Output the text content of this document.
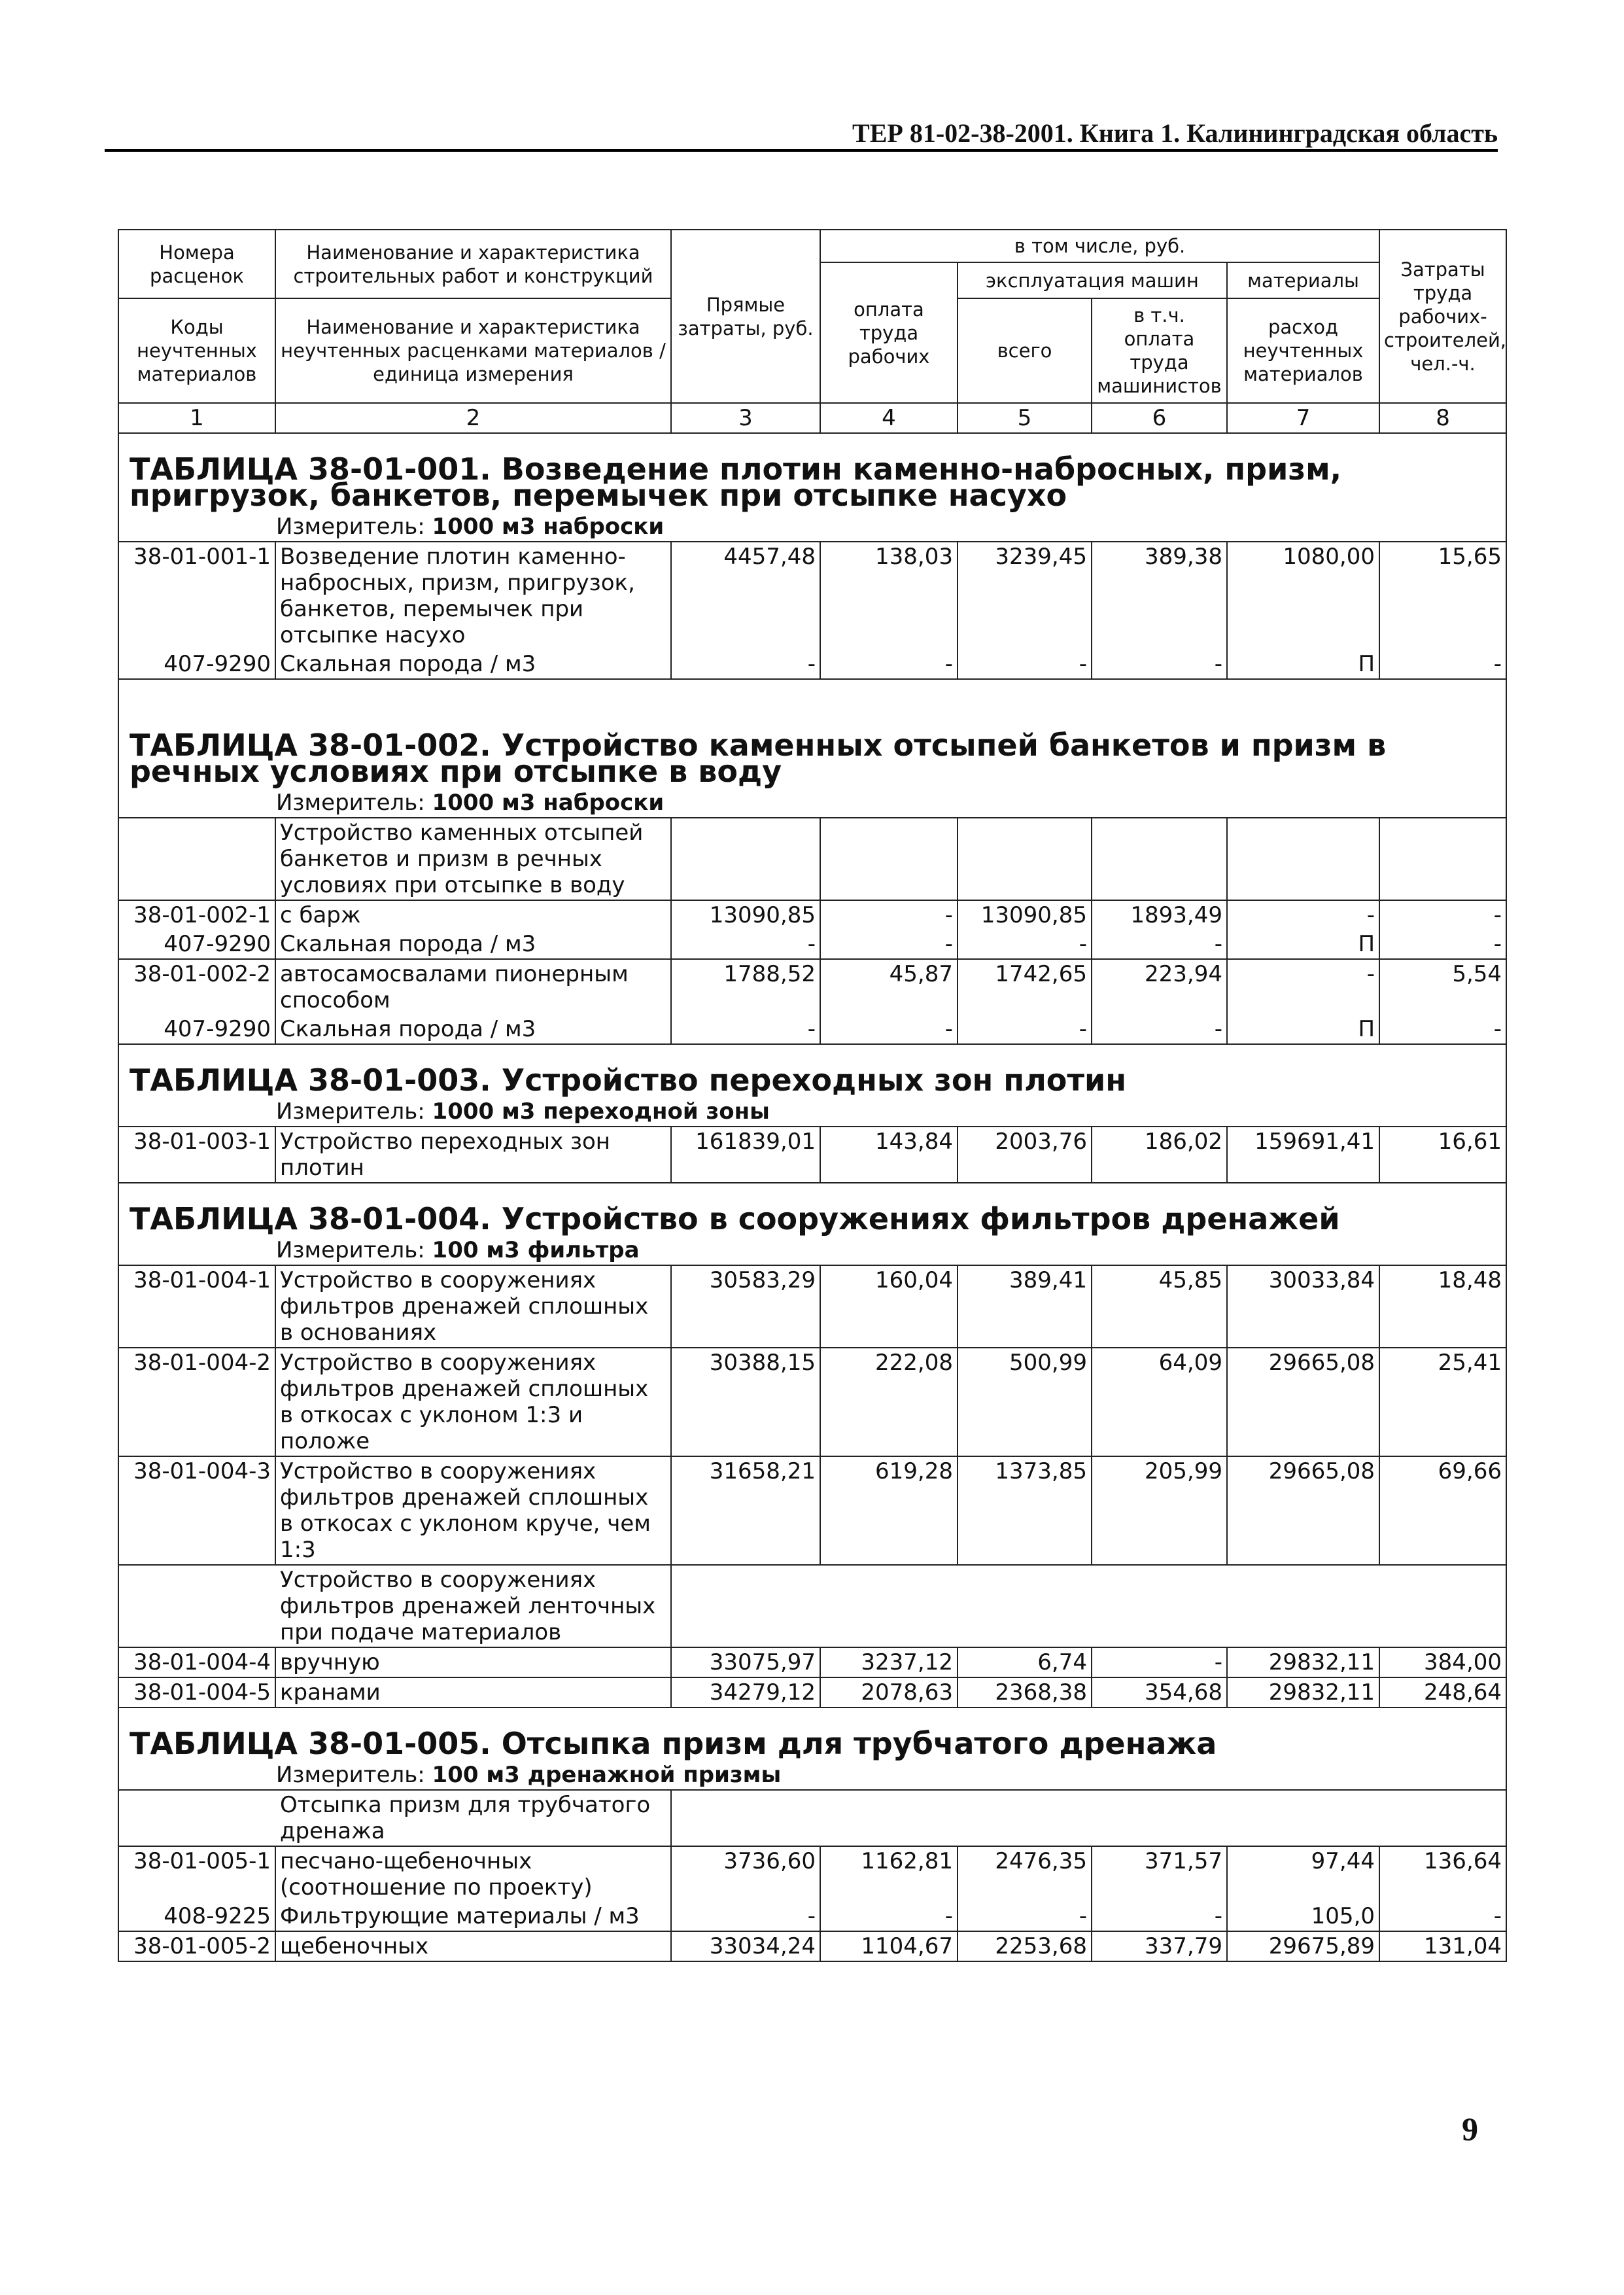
ТЕР 81-02-38-2001. Книга 1. Калининградская область
Номера расценок	Наименование и характеристика строительных работ и конструкций	Прямые затраты, руб.	в том числе, руб.				Затраты труда рабочих-строителей, чел.-ч.
			оплата труда рабочих	эксплуатация машин		материалы	
Коды неучтенных материалов	Наименование и характеристика неучтенных расценками материалов / единица измерения			всего	в т.ч. оплата труда машинистов	расход неучтенных материалов	

1	2	3	4	5	6	7	8
ТАБЛИЦА 38-01-001. Возведение плотин каменно-набросных, призм, пригрузок, банкетов, перемычек при отсыпке насухо							
Измеритель: 1000 м3 наброски							
38-01-001-1	Возведение плотин каменно-набросных, призм, пригрузок, банкетов, перемычек при отсыпке насухо	4457,48	138,03	3239,45	389,38	1080,00	15,65
407-9290	Скальная порода / м3	-	-	-	-	П	-
ТАБЛИЦА 38-01-002. Устройство каменных отсыпей банкетов и призм в речных условиях при отсыпке в воду							
Измеритель: 1000 м3 наброски							
	Устройство каменных отсыпей банкетов и призм в речных условиях при отсыпке в воду						
38-01-002-1	с барж	13090,85	-	13090,85	1893,49	-	-
407-9290	Скальная порода / м3	-	-	-	-	П	-
38-01-002-2	автосамосвалами пионерным способом	1788,52	45,87	1742,65	223,94	-	5,54
407-9290	Скальная порода / м3	-	-	-	-	П	-
ТАБЛИЦА 38-01-003. Устройство переходных зон плотин							
Измеритель: 1000 м3 переходной зоны							
38-01-003-1	Устройство переходных зон плотин	161839,01	143,84	2003,76	186,02	159691,41	16,61
ТАБЛИЦА 38-01-004. Устройство в сооружениях фильтров дренажей							
Измеритель: 100 м3 фильтра							
38-01-004-1	Устройство в сооружениях фильтров дренажей сплошных в основаниях	30583,29	160,04	389,41	45,85	30033,84	18,48
38-01-004-2	Устройство в сооружениях фильтров дренажей сплошных в откосах с уклоном 1:3 и положе	30388,15	222,08	500,99	64,09	29665,08	25,41
38-01-004-3	Устройство в сооружениях фильтров дренажей сплошных в откосах с уклоном круче, чем 1:3	31658,21	619,28	1373,85	205,99	29665,08	69,66
Устройство в сооружениях фильтров дренажей ленточных при подаче материалов							
38-01-004-4	вручную	33075,97	3237,12	6,74	-	29832,11	384,00
38-01-004-5	кранами	34279,12	2078,63	2368,38	354,68	29832,11	248,64
ТАБЛИЦА 38-01-005. Отсыпка призм для трубчатого дренажа							
Измеритель: 100 м3 дренажной призмы							
Отсыпка призм для трубчатого дренажа							
38-01-005-1	песчано-щебеночных (соотношение по проекту)	3736,60	1162,81	2476,35	371,57	97,44	136,64
408-9225	Фильтрующие материалы / м3	-	-	-	-	105,0	-
38-01-005-2	щебеночных	33034,24	1104,67	2253,68	337,79	29675,89	131,04
9
